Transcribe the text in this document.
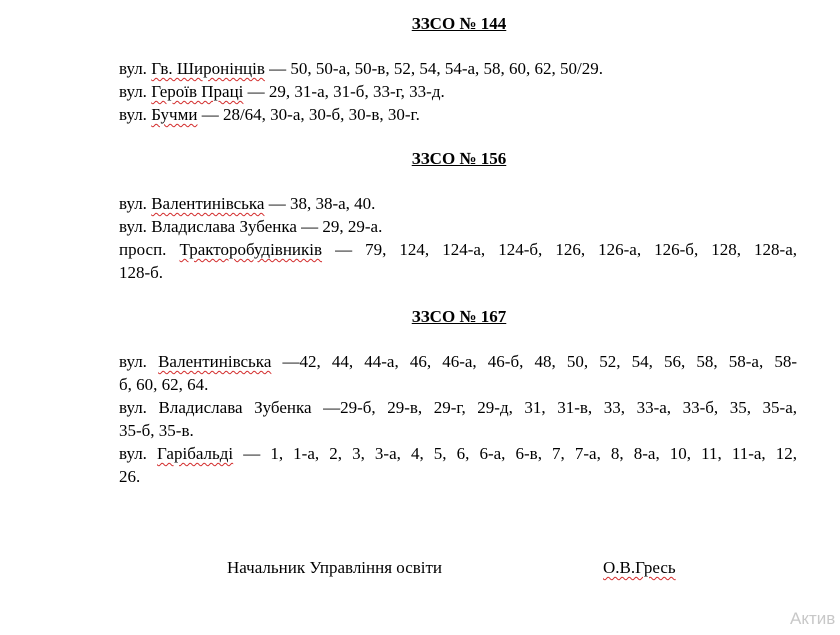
ЗЗСО № 144
вул. Гв. Широнінців — 50, 50-а, 50-в, 52, 54, 54-а, 58, 60, 62, 50/29.
вул. Героїв Праці — 29, 31-а, 31-б, 33-г, 33-д.
вул. Бучми — 28/64, 30-а, 30-б, 30-в, 30-г.
ЗЗСО № 156
вул. Валентинівська — 38, 38-а, 40.
вул. Владислава Зубенка — 29, 29-а.
просп. Тракторобудівників — 79, 124, 124-а, 124-б, 126, 126-а, 126-б, 128, 128-а,
128-б.
ЗЗСО № 167
вул. Валентинівська —42, 44, 44-а, 46, 46-а, 46-б, 48, 50, 52, 54, 56, 58, 58-а, 58-
б, 60, 62, 64.
вул. Владислава Зубенка —29-б, 29-в, 29-г, 29-д, 31, 31-в, 33, 33-а, 33-б, 35, 35-а,
35-б, 35-в.
вул. Гарібальді — 1, 1-а, 2, 3, 3-а, 4, 5, 6, 6-а, 6-в, 7, 7-а, 8, 8-а, 10, 11, 11-а, 12,
26.
Начальник Управління освіти	О.В.Гресь
Актив
